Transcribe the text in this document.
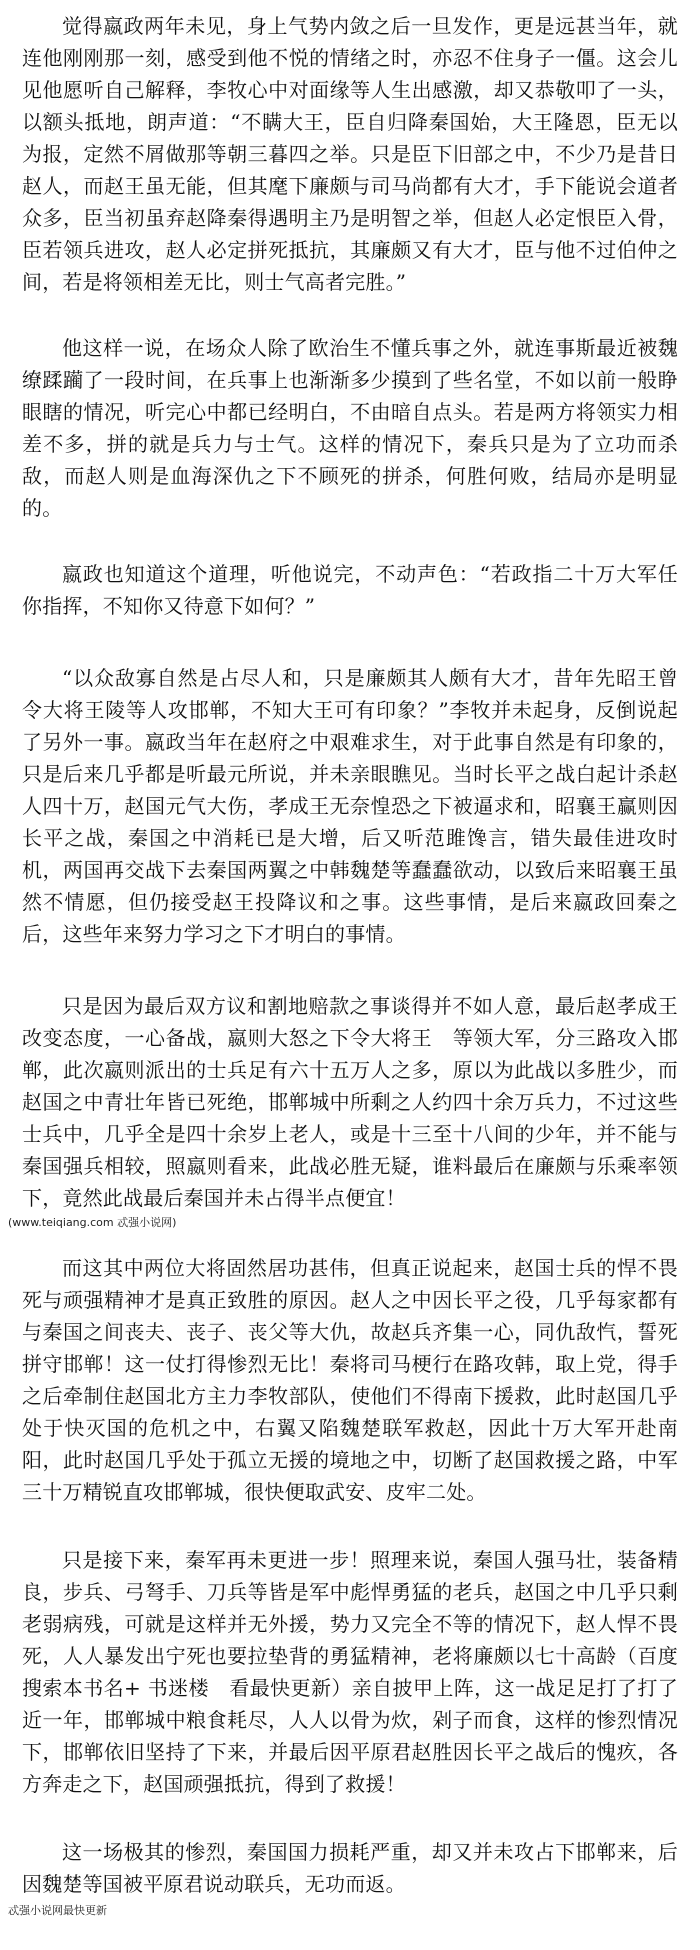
觉得嬴政两年未见，身上气势内敛之后一旦发作，更是远甚当年，就连他刚刚那一刻，感受到他不悦的情绪之时，亦忍不住身子一僵。这会儿见他愿听自己解释，李牧心中对面缘等人生出感激，却又恭敬叩了一头，以额头抵地，朗声道：“不瞒大王，臣自归降秦国始，大王隆恩，臣无以为报，定然不屑做那等朝三暮四之举。只是臣下旧部之中，不少乃是昔日赵人，而赵王虽无能，但其麾下廉颇与司马尚都有大才，手下能说会道者众多，臣当初虽弃赵降秦得遇明主乃是明智之举，但赵人必定恨臣入骨，臣若领兵进攻，赵人必定拼死抵抗，其廉颇又有大才，臣与他不过伯仲之间，若是将领相差无比，则士气高者完胜。”

他这样一说，在场众人除了欧治生不懂兵事之外，就连事斯最近被魏缭蹂躏了一段时间，在兵事上也渐渐多少摸到了些名堂，不如以前一般睁眼瞎的情况，听完心中都已经明白，不由暗自点头。若是两方将领实力相差不多，拼的就是兵力与士气。这样的情况下，秦兵只是为了立功而杀敌，而赵人则是血海深仇之下不顾死的拼杀，何胜何败，结局亦是明显的。

嬴政也知道这个道理，听他说完，不动声色：“若政指二十万大军任你指挥，不知你又待意下如何？”

“以众敌寡自然是占尽人和，只是廉颇其人颇有大才，昔年先昭王曾令大将王陵等人攻邯郸，不知大王可有印象？”李牧并未起身，反倒说起了另外一事。嬴政当年在赵府之中艰难求生，对于此事自然是有印象的，只是后来几乎都是听最元所说，并未亲眼瞧见。当时长平之战白起计杀赵人四十万，赵国元气大伤，孝成王无奈惶恐之下被逼求和，昭襄王赢则因长平之战，秦国之中消耗已是大增，后又听范雎馋言，错失最佳进攻时机，两国再交战下去秦国两翼之中韩魏楚等蠢蠢欲动，以致后来昭襄王虽然不情愿，但仍接受赵王投降议和之事。这些事情，是后来嬴政回秦之后，这些年来努力学习之下才明白的事情。

只是因为最后双方议和割地赔款之事谈得并不如人意，最后赵孝成王改变态度，一心备战，嬴则大怒之下令大将王　等领大军，分三路攻入邯郸，此次嬴则派出的士兵足有六十五万人之多，原以为此战以多胜少，而赵国之中青壮年皆已死绝，邯郸城中所剩之人约四十余万兵力，不过这些士兵中，几乎全是四十余岁上老人，或是十三至十八间的少年，并不能与秦国强兵相较，照嬴则看来，此战必胜无疑，谁料最后在廉颇与乐乘率领下，竟然此战最后秦国并未占得半点便宜！

(www.teiqiang.com 忒强小说网)

而这其中两位大将固然居功甚伟，但真正说起来，赵国士兵的悍不畏死与顽强精神才是真正致胜的原因。赵人之中因长平之役，几乎每家都有与秦国之间丧夫、丧子、丧父等大仇，故赵兵齐集一心，同仇敌忾，誓死拼守邯郸！这一仗打得惨烈无比！秦将司马梗行在路攻韩，取上党，得手之后牵制住赵国北方主力李牧部队，使他们不得南下援救，此时赵国几乎处于快灭国的危机之中，右翼又陷魏楚联军救赵，因此十万大军开赴南阳，此时赵国几乎处于孤立无援的境地之中，切断了赵国救援之路，中军三十万精锐直攻邯郸城，很快便取武安、皮牢二处。

只是接下来，秦军再未更进一步！照理来说，秦国人强马壮，装备精良，步兵、弓弩手、刀兵等皆是军中彪悍勇猛的老兵，赵国之中几乎只剩老弱病残，可就是这样并无外援，势力又完全不等的情况下，赵人悍不畏死，人人暴发出宁死也要拉垫背的勇猛精神，老将廉颇以七十高龄（百度搜索本书名+ 书迷楼　看最快更新）亲自披甲上阵，这一战足足打了打了近一年，邯郸城中粮食耗尽，人人以骨为炊，剁子而食，这样的惨烈情况下，邯郸依旧坚持了下来，并最后因平原君赵胜因长平之战后的愧疚，各方奔走之下，赵国顽强抵抗，得到了救援！

这一场极其的惨烈，秦国国力损耗严重，却又并未攻占下邯郸来，后因魏楚等国被平原君说动联兵，无功而返。

忒强小说网最快更新
